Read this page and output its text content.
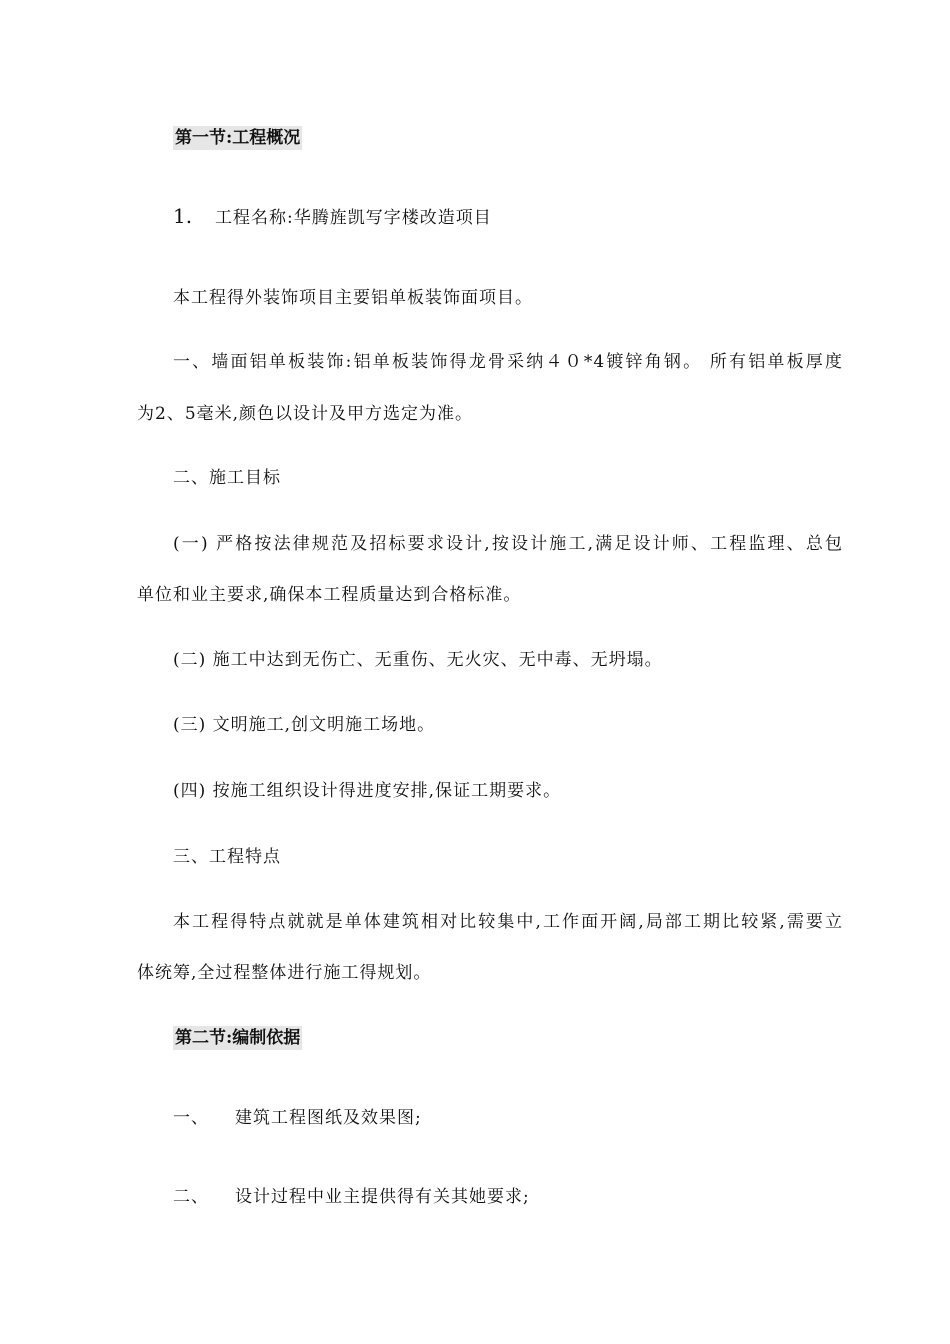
第一节:工程概况
1. 工程名称:华腾旌凯写字楼改造项目
本工程得外装饰项目主要铝单板装饰面项目。
一、墙面铝单板装饰:铝单板装饰得龙骨采纳４０*4镀锌角钢。 所有铝单板厚度
为2、5毫米,颜色以设计及甲方选定为准。
二、施工目标
(一) 严格按法律规范及招标要求设计,按设计施工,满足设计师、工程监理、总包
单位和业主要求,确保本工程质量达到合格标准。
(二) 施工中达到无伤亡、无重伤、无火灾、无中毒、无坍塌。
(三) 文明施工,创文明施工场地。
(四) 按施工组织设计得进度安排,保证工期要求。
三、工程特点
本工程得特点就就是单体建筑相对比较集中,工作面开阔,局部工期比较紧,需要立
体统筹,全过程整体进行施工得规划。
第二节:编制依据
一、 建筑工程图纸及效果图;
二、 设计过程中业主提供得有关其她要求;
